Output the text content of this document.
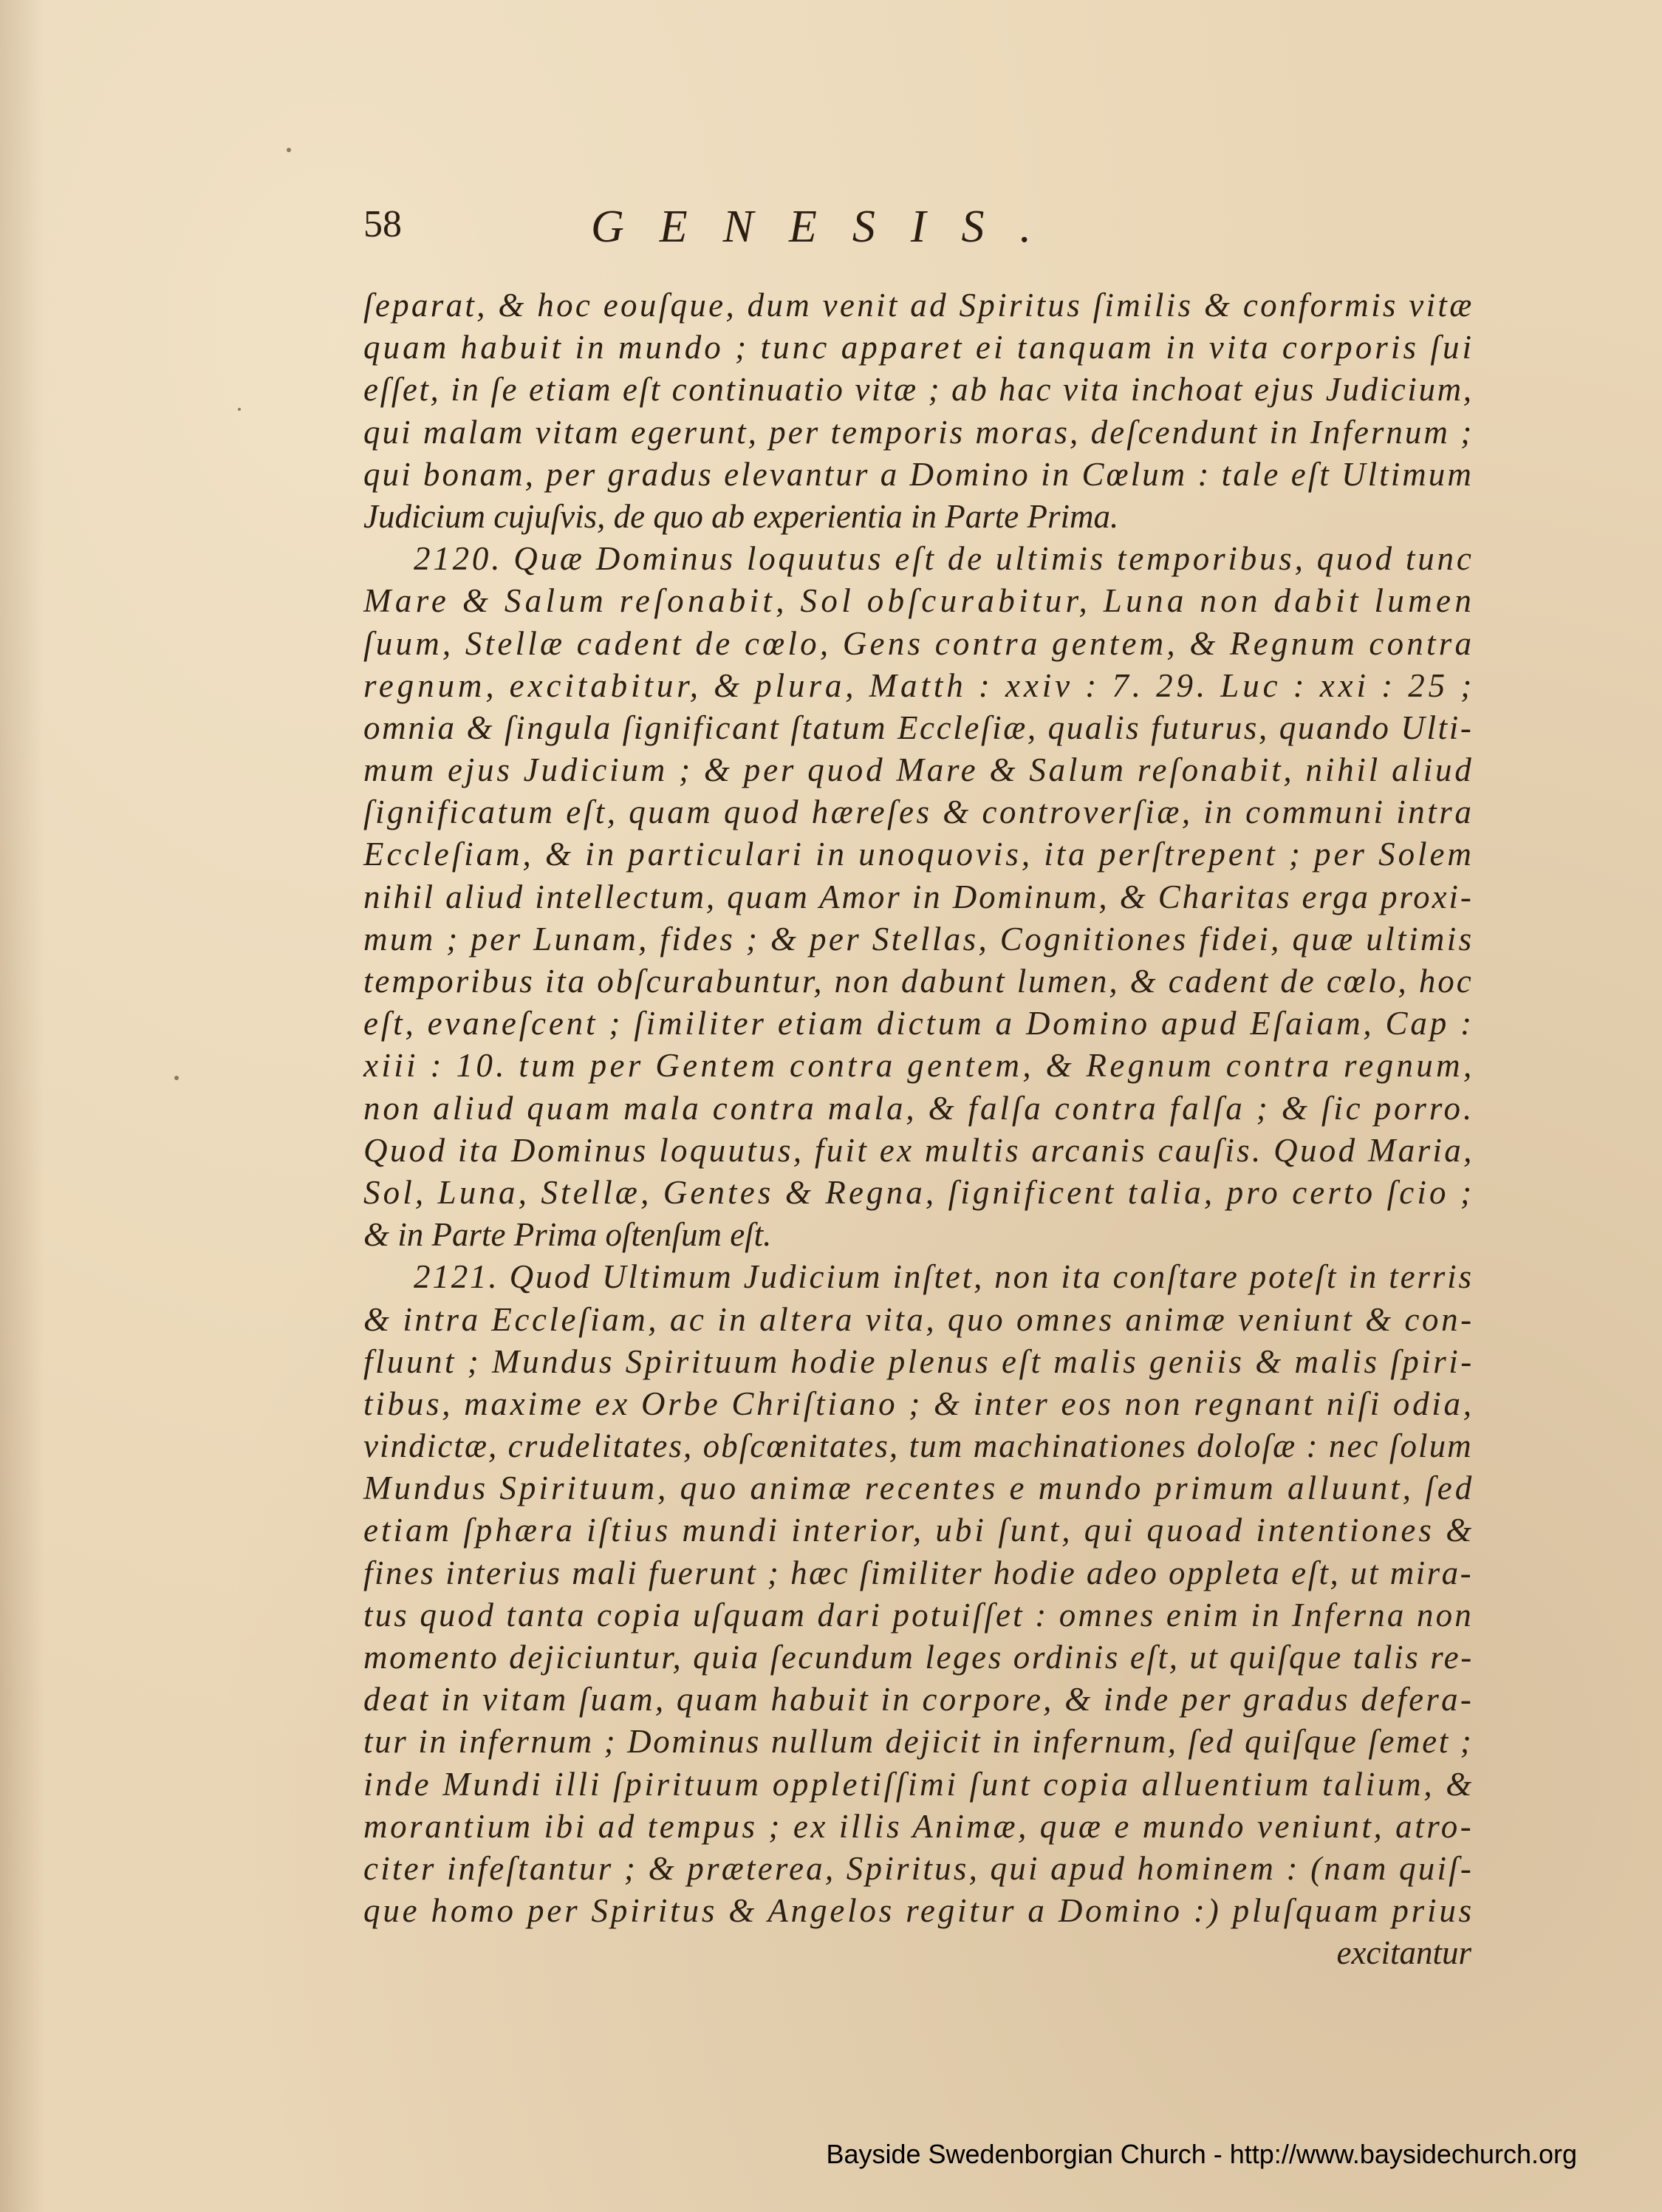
58	GENESIS.
ſeparat, & hoc eouſque, dum venit ad Spiritus ſimilis & conformis vitæ
quam habuit in mundo ; tunc apparet ei tanquam in vita corporis ſui
eſſet, in ſe etiam eſt continuatio vitæ ; ab hac vita inchoat ejus Judicium,
qui malam vitam egerunt, per temporis moras, deſcendunt in Infernum ;
qui bonam, per gradus elevantur a Domino in Cœlum : tale eſt Ultimum
Judicium cujuſvis, de quo ab experientia in Parte Prima.
2120. Quæ Dominus loquutus eſt de ultimis temporibus, quod tunc
Mare & Salum reſonabit, Sol obſcurabitur, Luna non dabit lumen
ſuum, Stellæ cadent de cœlo, Gens contra gentem, & Regnum contra
regnum, excitabitur, & plura, Matth : xxiv : 7. 29. Luc : xxi : 25 ;
omnia & ſingula ſignificant ſtatum Eccleſiæ, qualis futurus, quando Ulti-
mum ejus Judicium ; & per quod Mare & Salum reſonabit, nihil aliud
ſignificatum eſt, quam quod hæreſes & controverſiæ, in communi intra
Eccleſiam, & in particulari in unoquovis, ita perſtrepent ; per Solem
nihil aliud intellectum, quam Amor in Dominum, & Charitas erga proxi-
mum ; per Lunam, fides ; & per Stellas, Cognitiones fidei, quæ ultimis
temporibus ita obſcurabuntur, non dabunt lumen, & cadent de cœlo, hoc
eſt, evaneſcent ; ſimiliter etiam dictum a Domino apud Eſaiam, Cap :
xiii : 10. tum per Gentem contra gentem, & Regnum contra regnum,
non aliud quam mala contra mala, & falſa contra falſa ; & ſic porro.
Quod ita Dominus loquutus, fuit ex multis arcanis cauſis. Quod Maria,
Sol, Luna, Stellæ, Gentes & Regna, ſignificent talia, pro certo ſcio ;
& in Parte Prima oſtenſum eſt.
2121. Quod Ultimum Judicium inſtet, non ita conſtare poteſt in terris
& intra Eccleſiam, ac in altera vita, quo omnes animæ veniunt & con-
fluunt ; Mundus Spirituum hodie plenus eſt malis geniis & malis ſpiri-
tibus, maxime ex Orbe Chriſtiano ; & inter eos non regnant niſi odia,
vindictæ, crudelitates, obſcœnitates, tum machinationes doloſæ : nec ſolum
Mundus Spirituum, quo animæ recentes e mundo primum alluunt, ſed
etiam ſphæra iſtius mundi interior, ubi ſunt, qui quoad intentiones &
fines interius mali fuerunt ; hæc ſimiliter hodie adeo oppleta eſt, ut mira-
tus quod tanta copia uſquam dari potuiſſet : omnes enim in Inferna non
momento dejiciuntur, quia ſecundum leges ordinis eſt, ut quiſque talis re-
deat in vitam ſuam, quam habuit in corpore, & inde per gradus defera-
tur in infernum ; Dominus nullum dejicit in infernum, ſed quiſque ſemet ;
inde Mundi illi ſpirituum oppletiſſimi ſunt copia alluentium talium, &
morantium ibi ad tempus ; ex illis Animæ, quæ e mundo veniunt, atro-
citer infeſtantur ; & præterea, Spiritus, qui apud hominem : (nam quiſ-
que homo per Spiritus & Angelos regitur a Domino :) pluſquam prius
excitantur
Bayside Swedenborgian Church - http://www.baysidechurch.org
